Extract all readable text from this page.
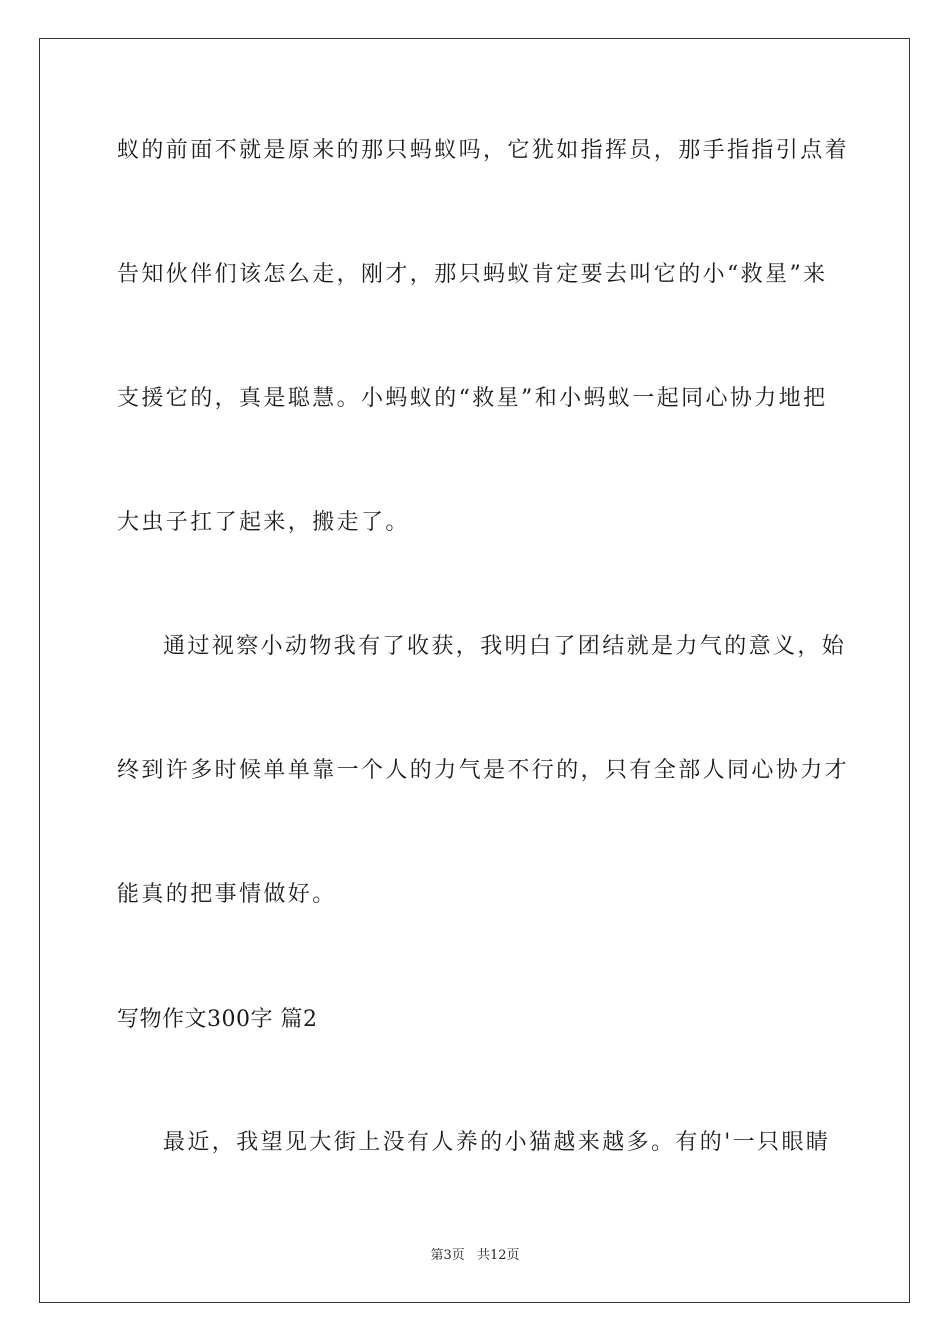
蚁的前面不就是原来的那只蚂蚁吗，它犹如指挥员，那手指指引点着
告知伙伴们该怎么走，刚才，那只蚂蚁肯定要去叫它的小“救星”来
支援它的，真是聪慧。小蚂蚁的“救星”和小蚂蚁一起同心协力地把
大虫子扛了起来，搬走了。
通过视察小动物我有了收获，我明白了团结就是力气的意义，始
终到许多时候单单靠一个人的力气是不行的，只有全部人同心协力才
能真的把事情做好。
写物作文300字 篇2
最近，我望见大街上没有人养的小猫越来越多。有的'一只眼睛
第3页 共12页
